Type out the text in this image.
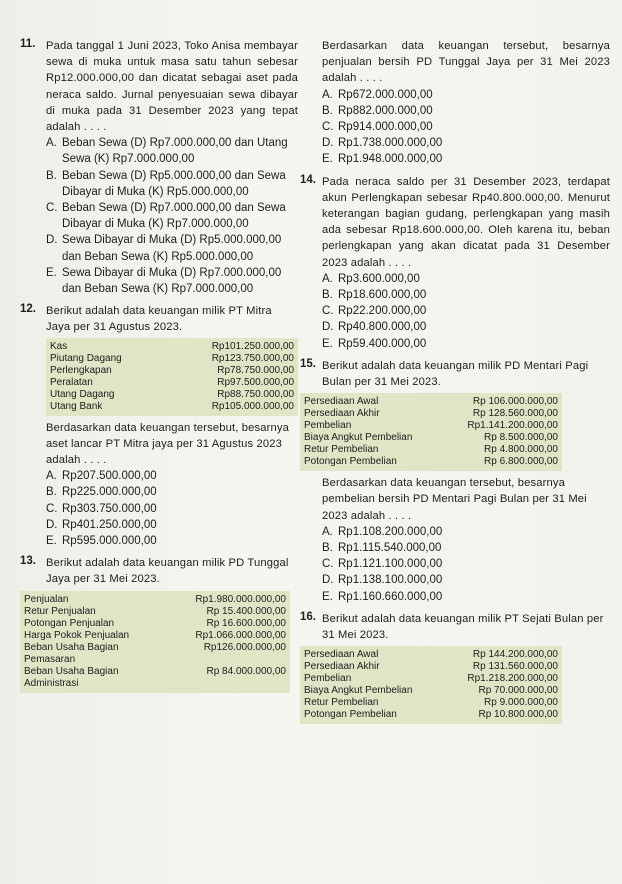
11. Pada tanggal 1 Juni 2023, Toko Anisa membayar sewa di muka untuk masa satu tahun sebesar Rp12.000.000,00 dan dicatat sebagai aset pada neraca saldo. Jurnal penyesuaian sewa dibayar di muka pada 31 Desember 2023 yang tepat adalah . . . .
A. Beban Sewa (D) Rp7.000.000,00 dan Utang Sewa (K) Rp7.000.000,00
B. Beban Sewa (D) Rp5.000.000,00 dan Sewa Dibayar di Muka (K) Rp5.000.000,00
C. Beban Sewa (D) Rp7.000.000,00 dan Sewa Dibayar di Muka (K) Rp7.000.000,00
D. Sewa Dibayar di Muka (D) Rp5.000.000,00 dan Beban Sewa (K) Rp5.000.000,00
E. Sewa Dibayar di Muka (D) Rp7.000.000,00 dan Beban Sewa (K) Rp7.000.000,00
12. Berikut adalah data keuangan milik PT Mitra Jaya per 31 Agustus 2023.
Kas	Rp101.250.000,00
Piutang Dagang	Rp123.750.000,00
Perlengkapan	Rp78.750.000,00
Peralatan	Rp97.500.000,00
Utang Dagang	Rp88.750.000,00
Utang Bank	Rp105.000.000,00
Berdasarkan data keuangan tersebut, besarnya aset lancar PT Mitra jaya per 31 Agustus 2023 adalah . . . .
A. Rp207.500.000,00
B. Rp225.000.000,00
C. Rp303.750.000,00
D. Rp401.250.000,00
E. Rp595.000.000,00
13. Berikut adalah data keuangan milik PD Tunggal Jaya per 31 Mei 2023.
Penjualan	Rp1.980.000.000,00
Retur Penjualan	Rp 15.400.000,00
Potongan Penjualan	Rp 16.600.000,00
Harga Pokok Penjualan	Rp1.066.000.000,00
Beban Usaha Bagian Pemasaran	Rp126.000.000,00
Beban Usaha Bagian Administrasi	Rp 84.000.000,00
Berdasarkan data keuangan tersebut, besarnya penjualan bersih PD Tunggal Jaya per 31 Mei 2023 adalah . . . .
A. Rp672.000.000,00
B. Rp882.000.000,00
C. Rp914.000.000,00
D. Rp1.738.000.000,00
E. Rp1.948.000.000,00
14. Pada neraca saldo per 31 Desember 2023, terdapat akun Perlengkapan sebesar Rp40.800.000,00. Menurut keterangan bagian gudang, perlengkapan yang masih ada sebesar Rp18.600.000,00. Oleh karena itu, beban perlengkapan yang akan dicatat pada 31 Desember 2023 adalah . . . .
A. Rp3.600.000,00
B. Rp18.600.000,00
C. Rp22.200.000,00
D. Rp40.800.000,00
E. Rp59.400.000,00
15. Berikut adalah data keuangan milik PD Mentari Pagi Bulan per 31 Mei 2023.
Persediaan Awal	Rp 106.000.000,00
Persediaan Akhir	Rp 128.560.000,00
Pembelian	Rp1.141.200.000,00
Biaya Angkut Pembelian	Rp 8.500.000,00
Retur Pembelian	Rp 4.800.000,00
Potongan Pembelian	Rp 6.800.000,00
Berdasarkan data keuangan tersebut, besarnya pembelian bersih PD Mentari Pagi Bulan per 31 Mei 2023 adalah . . . .
A. Rp1.108.200.000,00
B. Rp1.115.540.000,00
C. Rp1.121.100.000,00
D. Rp1.138.100.000,00
E. Rp1.160.660.000,00
16. Berikut adalah data keuangan milik PT Sejati Bulan per 31 Mei 2023.
Persediaan Awal	Rp 144.200.000,00
Persediaan Akhir	Rp 131.560.000,00
Pembelian	Rp1.218.200.000,00
Biaya Angkut Pembelian	Rp 70.000.000,00
Retur Pembelian	Rp 9.000.000,00
Potongan Pembelian	Rp 10.800.000,00
